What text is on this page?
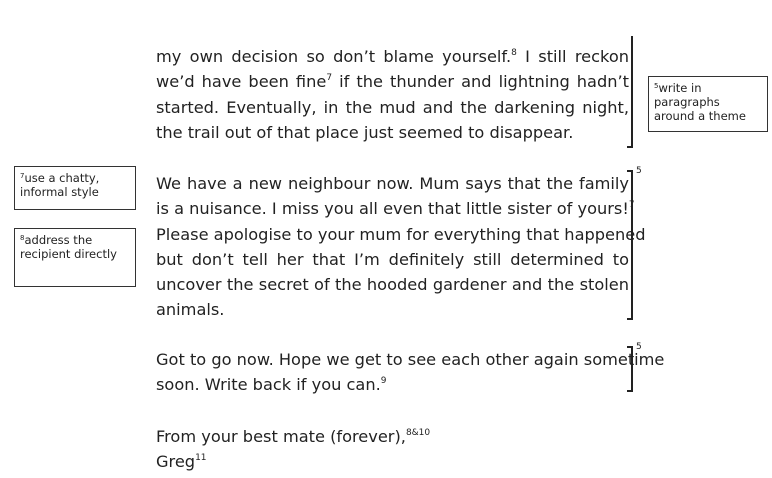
my own decision so don’t blame yourself.$^8$ I still reckon
we’d have been fine$^7$ if the thunder and lightning hadn’t
started. Eventually, in the mud and the darkening night,
the trail out of that place just seemed to disappear.
$^5$write in paragraphs around a theme
We have a new neighbour now. Mum says that the family
is a nuisance. I miss you all even that little sister of yours!$^7$
Please apologise to your mum for everything that happened
but don’t tell her that I’m definitely still determined to
uncover the secret of the hooded gardener and the stolen
animals.
5
$^7$use a chatty, informal style
$^8$address the recipient directly
Got to go now. Hope we get to see each other again sometime
soon. Write back if you can.$^9$
5
From your best mate (forever),$^{8\&10}$
Greg$^{11}$
